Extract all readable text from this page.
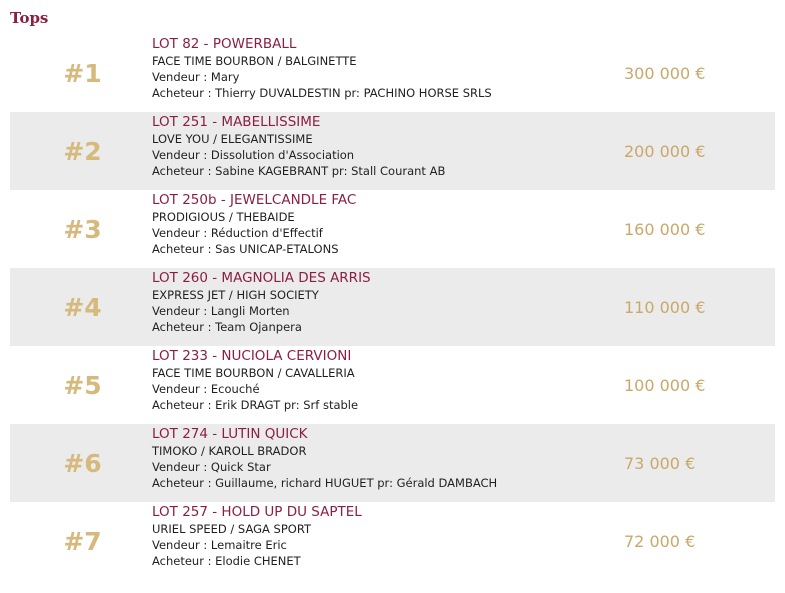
Tops
#1
LOT 82 - POWERBALL
FACE TIME BOURBON / BALGINETTE
Vendeur : Mary
Acheteur : Thierry DUVALDESTIN pr: PACHINO HORSE SRLS
300 000 €
#2
LOT 251 - MABELLISSIME
LOVE YOU / ELEGANTISSIME
Vendeur : Dissolution d'Association
Acheteur : Sabine KAGEBRANT pr: Stall Courant AB
200 000 €
#3
LOT 250b - JEWELCANDLE FAC
PRODIGIOUS / THEBAIDE
Vendeur : Réduction d'Effectif
Acheteur : Sas UNICAP-ETALONS
160 000 €
#4
LOT 260 - MAGNOLIA DES ARRIS
EXPRESS JET / HIGH SOCIETY
Vendeur : Langli Morten
Acheteur : Team Ojanpera
110 000 €
#5
LOT 233 - NUCIOLA CERVIONI
FACE TIME BOURBON / CAVALLERIA
Vendeur : Ecouché
Acheteur : Erik DRAGT pr: Srf stable
100 000 €
#6
LOT 274 - LUTIN QUICK
TIMOKO / KAROLL BRADOR
Vendeur : Quick Star
Acheteur : Guillaume, richard HUGUET pr: Gérald DAMBACH
73 000 €
#7
LOT 257 - HOLD UP DU SAPTEL
URIEL SPEED / SAGA SPORT
Vendeur : Lemaitre Eric
Acheteur : Elodie CHENET
72 000 €
